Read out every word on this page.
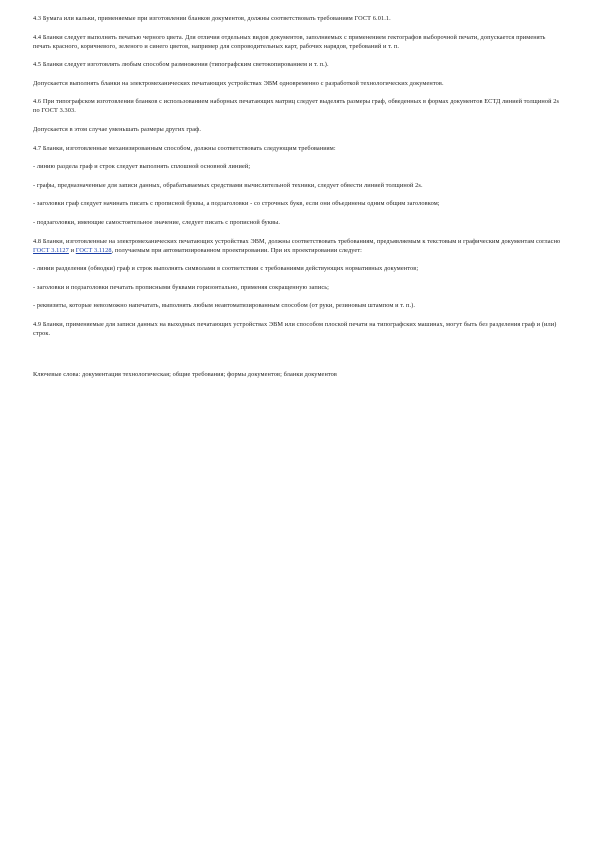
4.3 Бумага или кальки, применяемые при изготовлении бланков документов, должны соответствовать требованиям ГОСТ 6.01.1.

4.4 Бланки следует выполнять печатью черного цвета. Для отличия отдельных видов документов, заполняемых с применением гектографов выборочной печати, допускается применять печать красного, коричневого, зеленого и синего цветов, например для сопроводительных карт, рабочих нарядов, требований и т. п.

4.5 Бланки следует изготовлять любым способом размножения (типографским светокопированием и т. п.).

Допускается выполнять бланки на электромеханических печатающих устройствах ЭВМ одновременно с разработкой технологических документов.

4.6 При типографском изготовлении бланков с использованием наборных печатающих матриц следует выделять размеры граф, обведенных в формах документов ЕСТД линией толщиной 2s по ГОСТ 3.303.

Допускается в этом случае уменьшать размеры других граф.

4.7 Бланки, изготовленные механизированным способом, должны соответствовать следующим требованиям:

- линию раздела граф и строк следует выполнять сплошной основной линией;

- графы, предназначенные для записи данных, обрабатываемых средствами вычислительной техники, следует обвести линией толщиной 2s.

- заголовки граф следует начинать писать с прописной буквы, а подзаголовки - со строчных букв, если они объединены одним общим заголовком;

- подзаголовки, имеющие самостоятельное значение, следует писать с прописной буквы.

4.8 Бланки, изготовленные на электромеханических печатающих устройствах ЭВМ, должны соответствовать требованиям, предъявляемым к текстовым и графическим документам согласно ГОСТ 3.1127 и ГОСТ 3.1128, получаемым при автоматизированном проектировании. При их проектировании следует:

- линии разделения (обводки) граф и строк выполнять символами в соответствии с требованиями действующих нормативных документов;

- заголовки и подзаголовки печатать прописными буквами горизонтально, применяя сокращенную запись;

- реквизиты, которые невозможно напечатать, выполнять любым неавтоматизированным способом (от руки, резиновым штампом и т. п.).

4.9 Бланки, применяемые для записи данных на выходных печатающих устройствах ЭВМ или способом плоской печати на типографских машинах, могут быть без разделения граф и (или) строк.

Ключевые слова: документация технологическая; общие требования; формы документов; бланки документов
